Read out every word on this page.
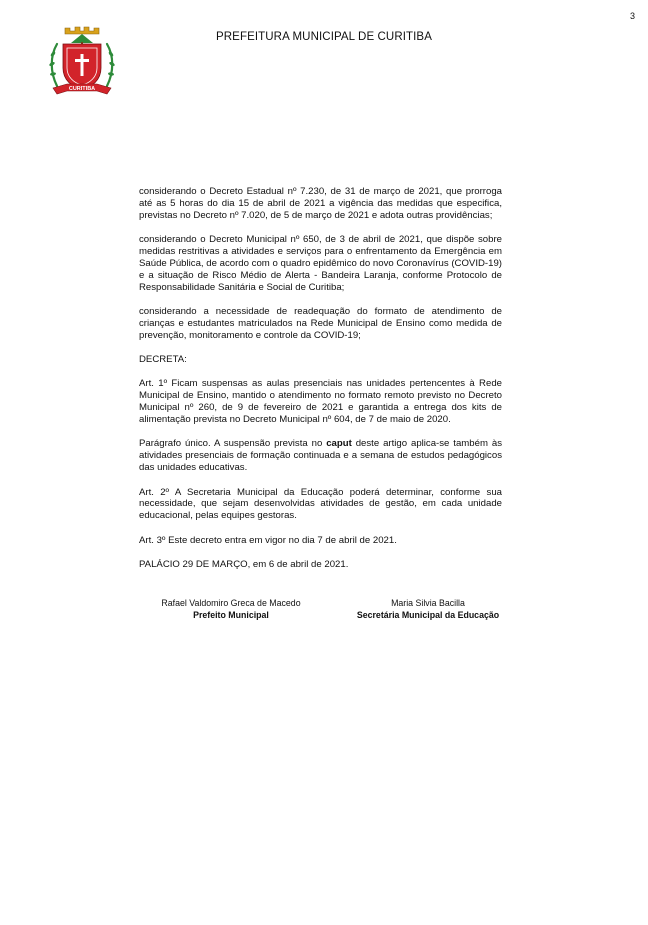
3
CURITIBA
PREFEITURA MUNICIPAL DE CURITIBA

considerando o Decreto Estadual nº 7.230, de 31 de março de 2021, que prorroga até as 5 horas do dia 15 de abril de 2021 a vigência das medidas que especifica, previstas no Decreto nº 7.020, de 5 de março de 2021 e adota outras providências;

considerando o Decreto Municipal nº 650, de 3 de abril de 2021, que dispõe sobre medidas restritivas a atividades e serviços para o enfrentamento da Emergência em Saúde Pública, de acordo com o quadro epidêmico do novo Coronavírus (COVID-19) e a situação de Risco Médio de Alerta - Bandeira Laranja, conforme Protocolo de Responsabilidade Sanitária e Social de Curitiba;

considerando a necessidade de readequação do formato de atendimento de crianças e estudantes matriculados na Rede Municipal de Ensino como medida de prevenção, monitoramento e controle da COVID-19;

DECRETA:

Art. 1º Ficam suspensas as aulas presenciais nas unidades pertencentes à Rede Municipal de Ensino, mantido o atendimento no formato remoto previsto no Decreto Municipal nº 260, de 9 de fevereiro de 2021 e garantida a entrega dos kits de alimentação prevista no Decreto Municipal nº 604, de 7 de maio de 2020.

Parágrafo único. A suspensão prevista no caput deste artigo aplica-se também às atividades presenciais de formação continuada e a semana de estudos pedagógicos das unidades educativas.

Art. 2º A Secretaria Municipal da Educação poderá determinar, conforme sua necessidade, que sejam desenvolvidas atividades de gestão, em cada unidade educacional, pelas equipes gestoras.

Art. 3º Este decreto entra em vigor no dia 7 de abril de 2021.

PALÁCIO 29 DE MARÇO, em 6 de abril de 2021.

Rafael Valdomiro Greca de Macedo
Prefeito Municipal
Maria Silvia Bacilla
Secretária Municipal da Educação
